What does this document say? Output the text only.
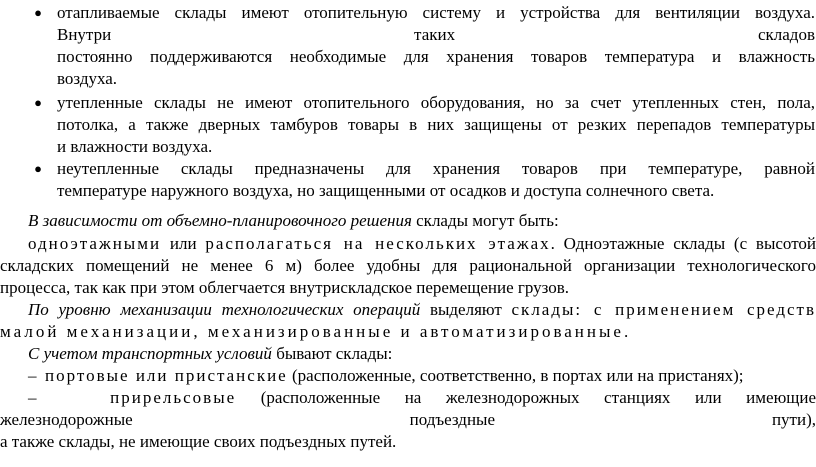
● отапливаемые склады имеют отопительную систему и устройства для вентиляции воздуха.
Внутри таких складов
постоянно поддерживаются необходимые для хранения товаров температура и влажность
воздуха.
● утепленные склады не имеют отопительного оборудования, но за счет утепленных стен, пола,
потолка, а также дверных тамбуров товары в них защищены от резких перепадов температуры
и влажности воздуха.
● неутепленные склады предназначены для хранения товаров при температуре, равной
температуре наружного воздуха, но защищенными от осадков и доступа солнечного света.
В зависимости от объемно-планировочного решения склады могут быть:
одноэтажными или располагаться на нескольких этажах. Одноэтажные склады (с высотой
складских помещений не менее 6 м) более удобны для рациональной организации технологического
процесса, так как при этом облегчается внутрискладское перемещение грузов.
По уровню механизации технологических операций выделяют склады: с применением средств
малой механизации, механизированные и автоматизированные.
С учетом транспортных условий бывают склады:
– портовые или пристанские (расположенные, соответственно, в портах или на пристанях);
–	прирельсовые (расположенные на железнодорожных станциях или имеющие
железнодорожные подъездные пути),
а также склады, не имеющие своих подъездных путей.
